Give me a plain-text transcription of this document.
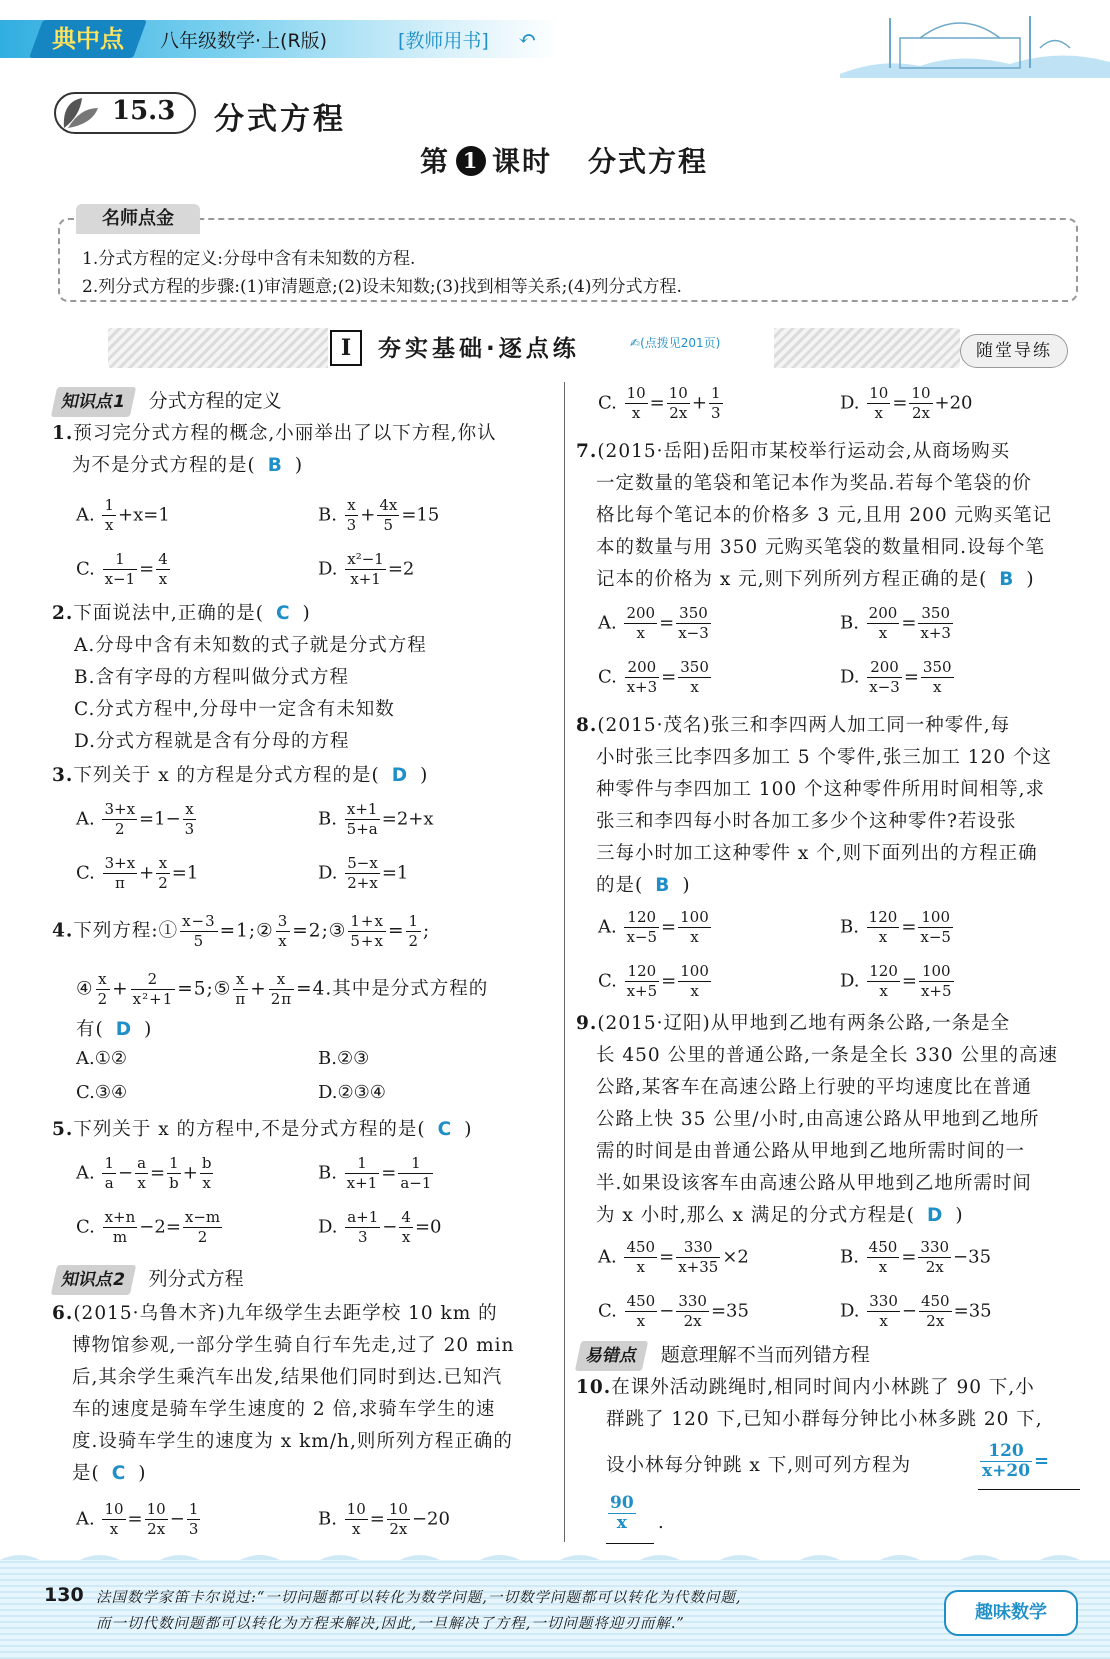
典中点	八年级数学·上(R版)	[教师用书] ↶
15.3 分式方程
第 1 课时 分式方程
名师点金
1.分式方程的定义:分母中含有未知数的方程.
2.列分式方程的步骤:(1)审清题意;(2)设未知数;(3)找到相等关系;(4)列分式方程.
I	夯实基础·逐点练	✍(点拨见201页)	随堂导练
知识点1 分式方程的定义
1.预习完分式方程的概念,小丽举出了以下方程,你认
为不是分式方程的是( B )
A. $\frac{1}{x} +x=1$	B. $\frac{x}{3} + \frac{4x}{5} =15$
C. $\frac{1}{x-1} = \frac{4}{x}$	D. $\frac{\text{x²−1}}{x+1} =2$
2.下面说法中,正确的是( C )
A.分母中含有未知数的式子就是分式方程
B.含有字母的方程叫做分式方程
C.分式方程中,分母中一定含有未知数
D.分式方程就是含有分母的方程
3.下列关于 x 的方程是分式方程的是( D )
A. $\frac{3+x}{2} =1- \frac{x}{3}$	B. $\frac{x+1}{5+a} =2+x$
C. $\frac{3+x}{\pi} + \frac{x}{2} =1$	D. $\frac{5-x}{2+x} =1$
4.下列方程:① $\frac{x-3}{5}$ =1;② $\frac{3}{x}$ =2;③ $\frac{1+x}{5+x} = \frac{1}{2}$ ;
④ $\frac{x}{2} + \frac{2}{\text{x²+1}}$ =5;⑤ $\frac{x}{\pi} + \frac{x}{2\pi} =4$.其中是分式方程的
有( D )
A.①②	B.②③
C.③④	D.②③④
5.下列关于 x 的方程中,不是分式方程的是( C )
A. $\frac{1}{a} - \frac{a}{x} = \frac{1}{b} + \frac{b}{x}$	B. $\frac{1}{x+1} = \frac{1}{a-1}$
C. $\frac{x+n}{m} -2= \frac{x-m}{2}$	D. $\frac{a+1}{3} - \frac{4}{x} =0$
知识点2 列分式方程
6.(2015·乌鲁木齐)九年级学生去距学校 10 km 的
博物馆参观,一部分学生骑自行车先走,过了 20 min
后,其余学生乘汽车出发,结果他们同时到达.已知汽
车的速度是骑车学生速度的 2 倍,求骑车学生的速
度.设骑车学生的速度为 x km/h,则所列方程正确的
是( C )
A. $\frac{10}{x} = \frac{10}{2x} - \frac{1}{3}$	B. $\frac{10}{x} = \frac{10}{2x} -20$
C. $\frac{10}{x} = \frac{10}{2x} + \frac{1}{3}$	D. $\frac{10}{x} = \frac{10}{2x} +20$
7.(2015·岳阳)岳阳市某校举行运动会,从商场购买
一定数量的笔袋和笔记本作为奖品.若每个笔袋的价
格比每个笔记本的价格多 3 元,且用 200 元购买笔记
本的数量与用 350 元购买笔袋的数量相同.设每个笔
记本的价格为 x 元,则下列所列方程正确的是( B )
A. $\frac{200}{x} = \frac{350}{x-3}$	B. $\frac{200}{x} = \frac{350}{x+3}$
C. $\frac{200}{x+3} = \frac{350}{x}$	D. $\frac{200}{x-3} = \frac{350}{x}$
8.(2015·茂名)张三和李四两人加工同一种零件,每
小时张三比李四多加工 5 个零件,张三加工 120 个这
种零件与李四加工 100 个这种零件所用时间相等,求
张三和李四每小时各加工多少个这种零件?若设张
三每小时加工这种零件 x 个,则下面列出的方程正确
的是( B )
A. $\frac{120}{x-5} = \frac{100}{x}$	B. $\frac{120}{x} = \frac{100}{x-5}$
C. $\frac{120}{x+5} = \frac{100}{x}$	D. $\frac{120}{x} = \frac{100}{x+5}$
9.(2015·辽阳)从甲地到乙地有两条公路,一条是全
长 450 公里的普通公路,一条是全长 330 公里的高速
公路,某客车在高速公路上行驶的平均速度比在普通
公路上快 35 公里/小时,由高速公路从甲地到乙地所
需的时间是由普通公路从甲地到乙地所需时间的一
半.如果设该客车由高速公路从甲地到乙地所需时间
为 x 小时,那么 x 满足的分式方程是( D )
A. $\frac{450}{x} = \frac{330}{x+35} \times 2$	B. $\frac{450}{x} = \frac{330}{2x} -35$
C. $\frac{450}{x} - \frac{330}{2x} =35$	D. $\frac{330}{x} - \frac{450}{2x} =35$
易错点 题意理解不当而列错方程
10.在课外活动跳绳时,相同时间内小林跳了 90 下,小
群跳了 120 下,已知小群每分钟比小林多跳 20 下,
设小林每分钟跳 x 下,则可列方程为	$\frac{120}{x+20}$ =
$\frac{90}{x}$ .
130 法国数学家笛卡尔说过:“一切问题都可以转化为数学问题,一切数学问题都可以转化为代数问题,
而一切代数问题都可以转化为方程来解决,因此,一旦解决了方程,一切问题将迎刃而解.”
趣味数学
